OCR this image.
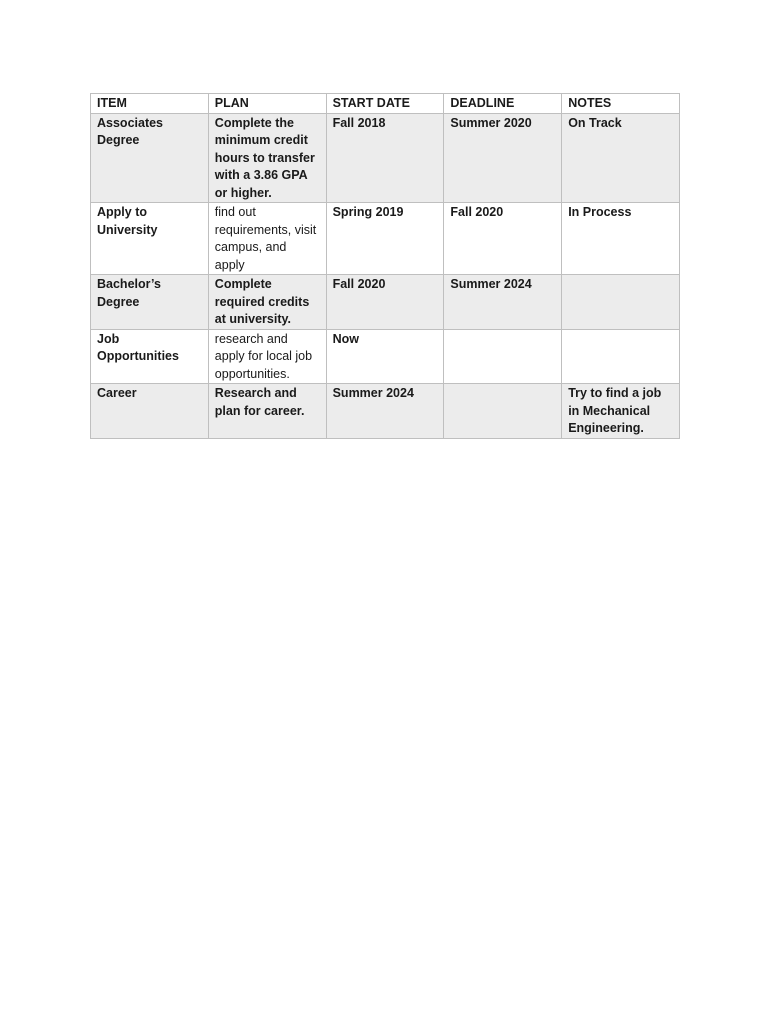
ITEM	PLAN	START DATE	DEADLINE	NOTES
Associates Degree	Complete the minimum credit hours to transfer with a 3.86 GPA or higher.	Fall 2018	Summer 2020	On Track
Apply to University	find out requirements, visit campus, and apply	Spring 2019	Fall 2020	In Process
Bachelor’s Degree	Complete required credits at university.	Fall 2020	Summer 2024	
Job Opportunities	research and apply for local job opportunities.	Now		
Career	Research and plan for career.	Summer 2024		Try to find a job in Mechanical Engineering.
